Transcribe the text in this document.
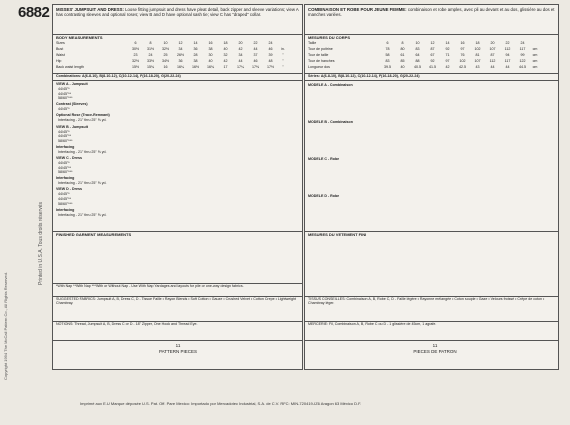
6882
Copyright 1994 The McCall Pattern Co., All Rights Reserved.
Printed in U.S.A. Tous droits réservés
MISSES' JUMPSUIT AND DRESS: Loose fitting jumpsuit and dress have pleat detail, back zipper and sleeve variations; view A has contrasting sleeves and optional roses; view B and D have optional sash tie; view C has "draped" collar.
BODY MEASUREMENTS
Sizes	6	8	10	12	14	16	18	20	22	24
Bust	30½	31½	32½	34	36	38	40	42	44	46	in.
Waist	23	24	25	26½	28	30	32	34	37	39	"
Hip	32½	33½	34½	36	38	40	42	44	46	48	"
Back waist length	15½	15¾	16	16¼	16½	16¾	17	17¼	17⅜	17½	"
Combinations: A(6-8-10), B(8-10-12), C(10-12-14), F(16-18-20), G(20-22-24)
VIEW A - Jumpsuit
44/45"*
44/45"**
58/60"***
Contrast (Sleeves)
44/45"*
Optional Rose (Trace-Remnant)
Interfacing - 21" thru 25" ⅝ yd.
VIEW B - Jumpsuit
44/45"*
44/45"**
58/60"***
Interfacing
Interfacing - 21" thru 25" ⅝ yd.
VIEW C - Dress
44/45"*
44/45"**
58/60"***
Interfacing
Interfacing - 21" thru 25" ⅝ yd.
VIEW D - Dress
44/45"*
44/45"**
58/60"***
Interfacing
Interfacing - 21" thru 25" ⅝ yd.
FINISHED GARMENT MEASUREMENTS
*With Nap **With Nap ***With or Without Nap - Use With Nap Yardages and layouts for pile or one-way design fabrics.
SUGGESTED FABRICS: Jumpsuit A, B, Dress C, D - Tissue Faille • Rayon Blends • Soft Cotton • Gauze • Crushed Velvet • Cotton Crepe • Lightweight Chambray.
NOTIONS: Thread, Jumpsuit A, B, Dress C or D - 18" Zipper, One Hook and Thread Eye.
11
PATTERN PIECES
COMBINAISON ET ROBE POUR JEUNE FEMME: combinaison et robe amples, avec pli au devant et au dos, glissière au dos et manches variées.
MESURES DU CORPS
Taille	6	8	10	12	14	16	18	20	22	24
Tour de poitrine	78	80	83	87	92	97	102	107	112	117	cm
Tour de taille	58	61	64	67	71	76	81	87	94	99	cm
Tour de hanches	83	85	88	92	97	102	107	112	117	122	cm
Longueur dos	39.5	40	40.5	41.5	42	42.5	43	44	44	44.5	cm
Séries: A(6-8-10), B(8-10-12), C(10-12-14), F(16-18-20), G(20-22-24)
MODELE A - Combinaison
MODELE B - Combinaison
MODELE C - Robe
MODELE D - Robe
MESURES DU VETEMENT FINI
TISSUS CONSEILLES: Combinaison A, B, Robe C, D - Faille légère • Rayonne mélangée • Coton souple • Gaze • Velours froissé • Crêpe de coton • Chambray léger.
MERCERIE: Fil, Combinaison A, B, Robe C ou D - 1 glissière de 45cm, 1 agrafe.
11
PIECES DE PATRON
Imprimé aux E.U Marque déposée U.S. Pat. Off. Pare Mexico: Importado por Mercadotec Industrial, S.A. de C.V. RFC: MIN-720419-IZ6 Aragon 63 México D.F.
